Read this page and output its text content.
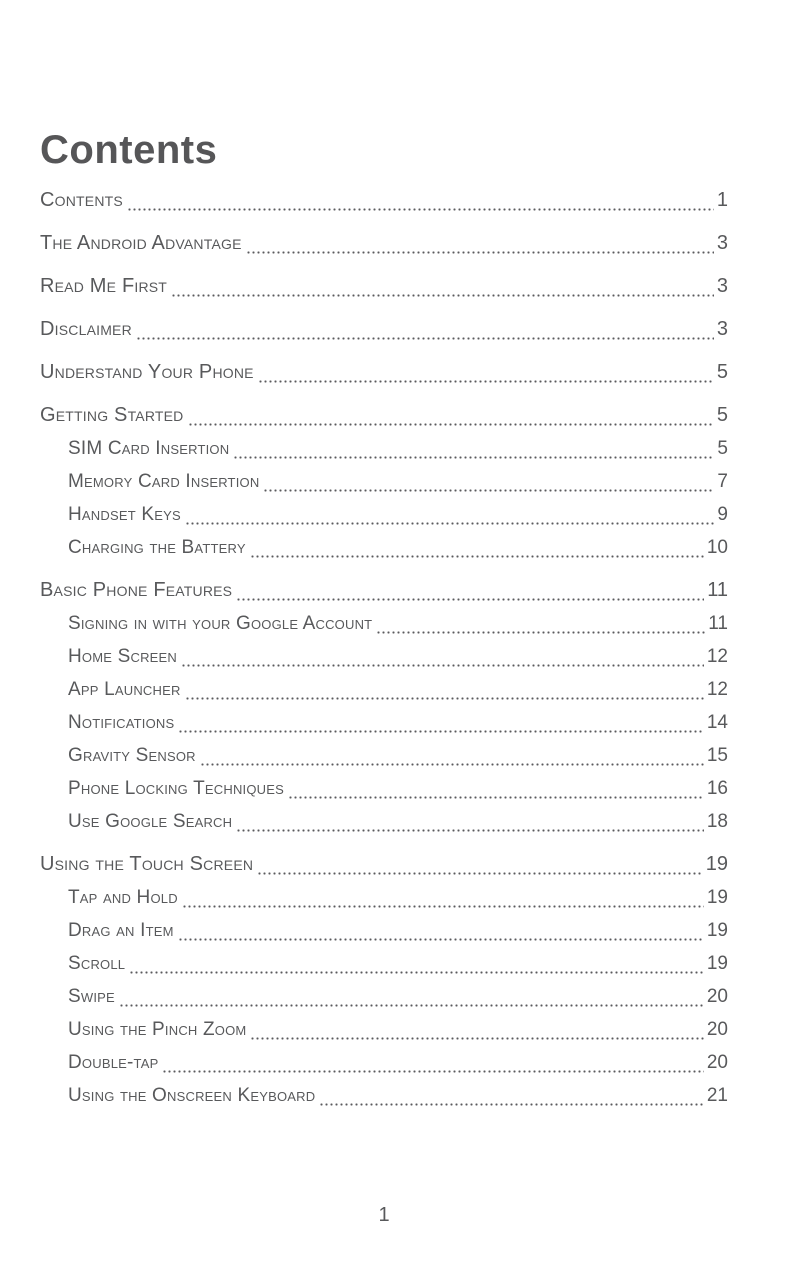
Contents
Contents	1
The Android Advantage	3
Read Me First	3
Disclaimer	3
Understand Your Phone	5
Getting Started	5
SIM Card Insertion	5
Memory Card Insertion	7
Handset Keys	9
Charging the Battery	10
Basic Phone Features	11
Signing in with your Google Account	11
Home Screen	12
App Launcher	12
Notifications	14
Gravity Sensor	15
Phone Locking Techniques	16
Use Google Search	18
Using the Touch Screen	19
Tap and Hold	19
Drag an Item	19
Scroll	19
Swipe	20
Using the Pinch Zoom	20
Double-tap	20
Using the Onscreen Keyboard	21
1
